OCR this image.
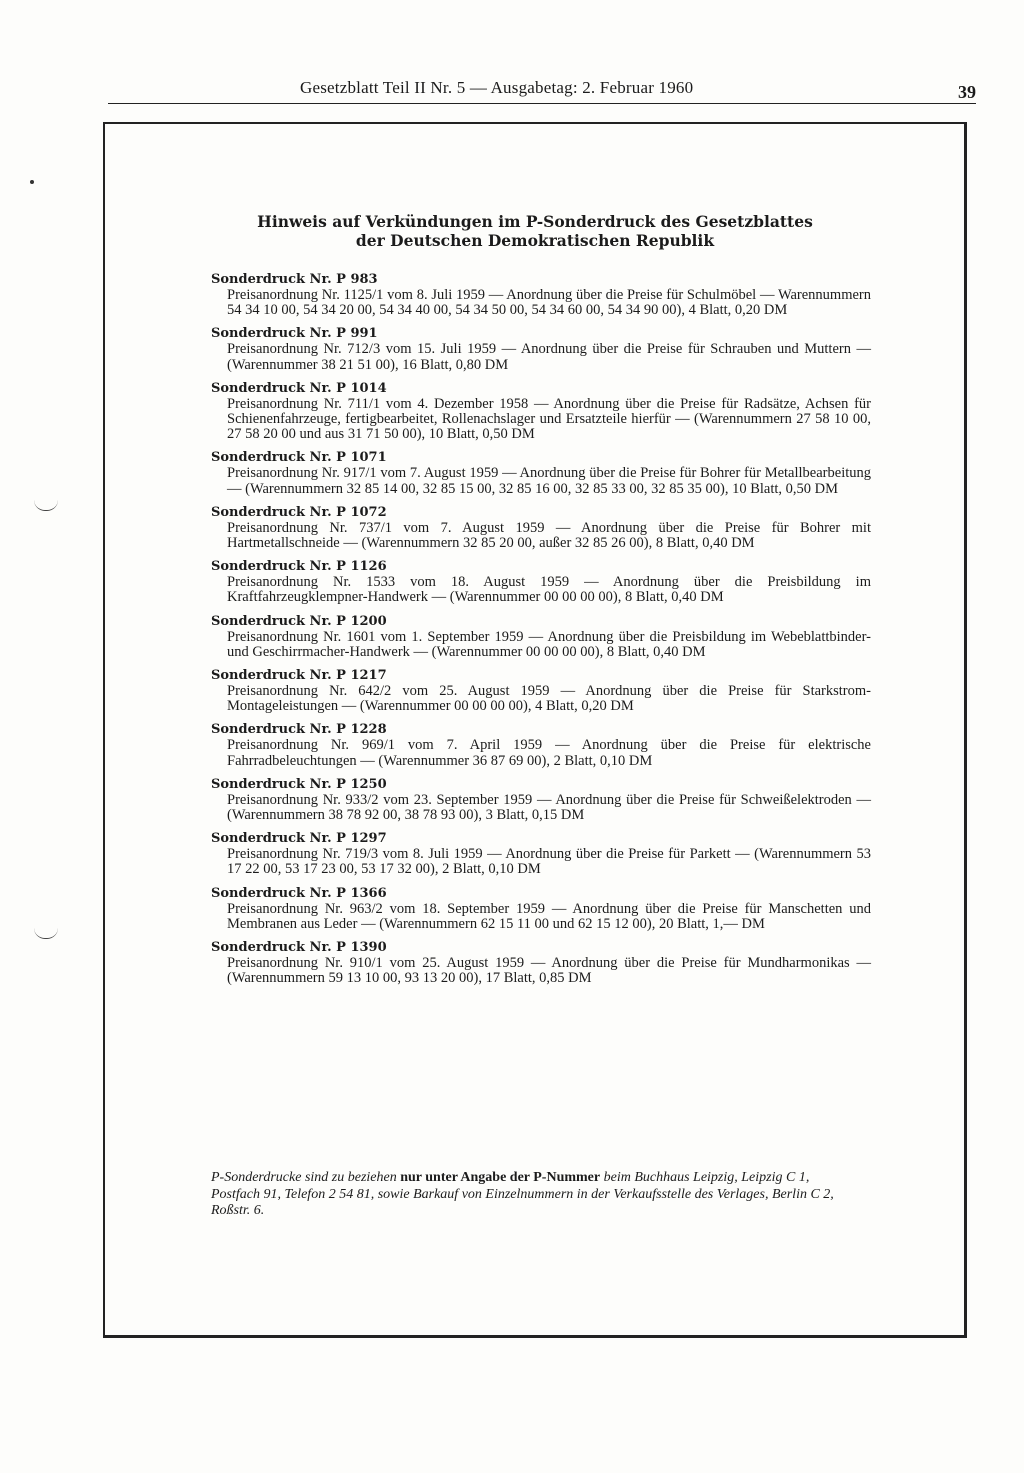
Gesetzblatt Teil II Nr. 5 — Ausgabetag: 2. Februar 1960	39
Hinweis auf Verkündungen im P-Sonderdruck des Gesetzblattes
der Deutschen Demokratischen Republik
Sonderdruck Nr. P 983
Preisanordnung Nr. 1125/1 vom 8. Juli 1959 — Anordnung über die Preise für Schulmöbel — Warennummern 54 34 10 00, 54 34 20 00, 54 34 40 00, 54 34 50 00, 54 34 60 00, 54 34 90 00), 4 Blatt, 0,20 DM
Sonderdruck Nr. P 991
Preisanordnung Nr. 712/3 vom 15. Juli 1959 — Anordnung über die Preise für Schrauben und Muttern — (Warennummer 38 21 51 00), 16 Blatt, 0,80 DM
Sonderdruck Nr. P 1014
Preisanordnung Nr. 711/1 vom 4. Dezember 1958 — Anordnung über die Preise für Radsätze, Achsen für Schienenfahrzeuge, fertigbearbeitet, Rollenachslager und Ersatzteile hierfür — (Warennummern 27 58 10 00, 27 58 20 00 und aus 31 71 50 00), 10 Blatt, 0,50 DM
Sonderdruck Nr. P 1071
Preisanordnung Nr. 917/1 vom 7. August 1959 — Anordnung über die Preise für Bohrer für Metallbearbeitung — (Warennummern 32 85 14 00, 32 85 15 00, 32 85 16 00, 32 85 33 00, 32 85 35 00), 10 Blatt, 0,50 DM
Sonderdruck Nr. P 1072
Preisanordnung Nr. 737/1 vom 7. August 1959 — Anordnung über die Preise für Bohrer mit Hartmetallschneide — (Warennummern 32 85 20 00, außer 32 85 26 00), 8 Blatt, 0,40 DM
Sonderdruck Nr. P 1126
Preisanordnung Nr. 1533 vom 18. August 1959 — Anordnung über die Preisbildung im Kraftfahrzeugklempner-Handwerk — (Warennummer 00 00 00 00), 8 Blatt, 0,40 DM
Sonderdruck Nr. P 1200
Preisanordnung Nr. 1601 vom 1. September 1959 — Anordnung über die Preisbildung im Webeblattbinder- und Geschirrmacher-Handwerk — (Warennummer 00 00 00 00), 8 Blatt, 0,40 DM
Sonderdruck Nr. P 1217
Preisanordnung Nr. 642/2 vom 25. August 1959 — Anordnung über die Preise für Starkstrom-Montageleistungen — (Warennummer 00 00 00 00), 4 Blatt, 0,20 DM
Sonderdruck Nr. P 1228
Preisanordnung Nr. 969/1 vom 7. April 1959 — Anordnung über die Preise für elektrische Fahrradbeleuchtungen — (Warennummer 36 87 69 00), 2 Blatt, 0,10 DM
Sonderdruck Nr. P 1250
Preisanordnung Nr. 933/2 vom 23. September 1959 — Anordnung über die Preise für Schweißelektroden — (Warennummern 38 78 92 00, 38 78 93 00), 3 Blatt, 0,15 DM
Sonderdruck Nr. P 1297
Preisanordnung Nr. 719/3 vom 8. Juli 1959 — Anordnung über die Preise für Parkett — (Warennummern 53 17 22 00, 53 17 23 00, 53 17 32 00), 2 Blatt, 0,10 DM
Sonderdruck Nr. P 1366
Preisanordnung Nr. 963/2 vom 18. September 1959 — Anordnung über die Preise für Manschetten und Membranen aus Leder — (Warennummern 62 15 11 00 und 62 15 12 00), 20 Blatt, 1,— DM
Sonderdruck Nr. P 1390
Preisanordnung Nr. 910/1 vom 25. August 1959 — Anordnung über die Preise für Mundharmonikas — (Warennummern 59 13 10 00, 93 13 20 00), 17 Blatt, 0,85 DM
P-Sonderdrucke sind zu beziehen nur unter Angabe der P-Nummer beim Buchhaus Leipzig, Leipzig C 1, Postfach 91, Telefon 2 54 81, sowie Barkauf von Einzelnummern in der Verkaufsstelle des Verlages, Berlin C 2, Roßstr. 6.
